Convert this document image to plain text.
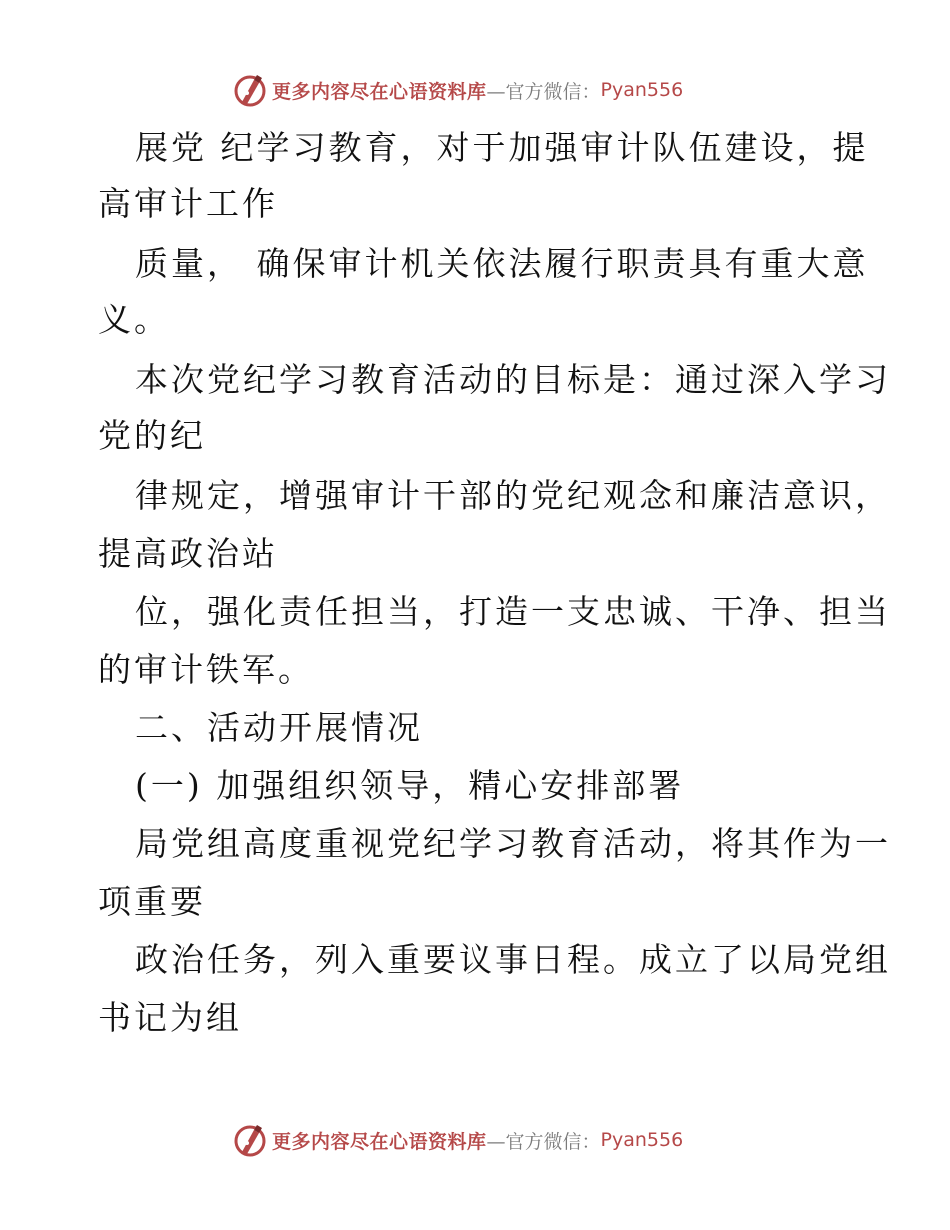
更多内容尽在心语资料库 —官方微信： Pyan556
展党 纪学习教育，对于加强审计队伍建设，提
高审计工作
质量， 确保审计机关依法履行职责具有重大意
义。
本次党纪学习教育活动的目标是：通过深入学习
党的纪
律规定，增强审计干部的党纪观念和廉洁意识，
提高政治站
位，强化责任担当，打造一支忠诚、干净、担当
的审计铁军。
二、活动开展情况
(一) 加强组织领导，精心安排部署
局党组高度重视党纪学习教育活动，将其作为一
项重要
政治任务，列入重要议事日程。成立了以局党组
书记为组
更多内容尽在心语资料库 —官方微信： Pyan556
